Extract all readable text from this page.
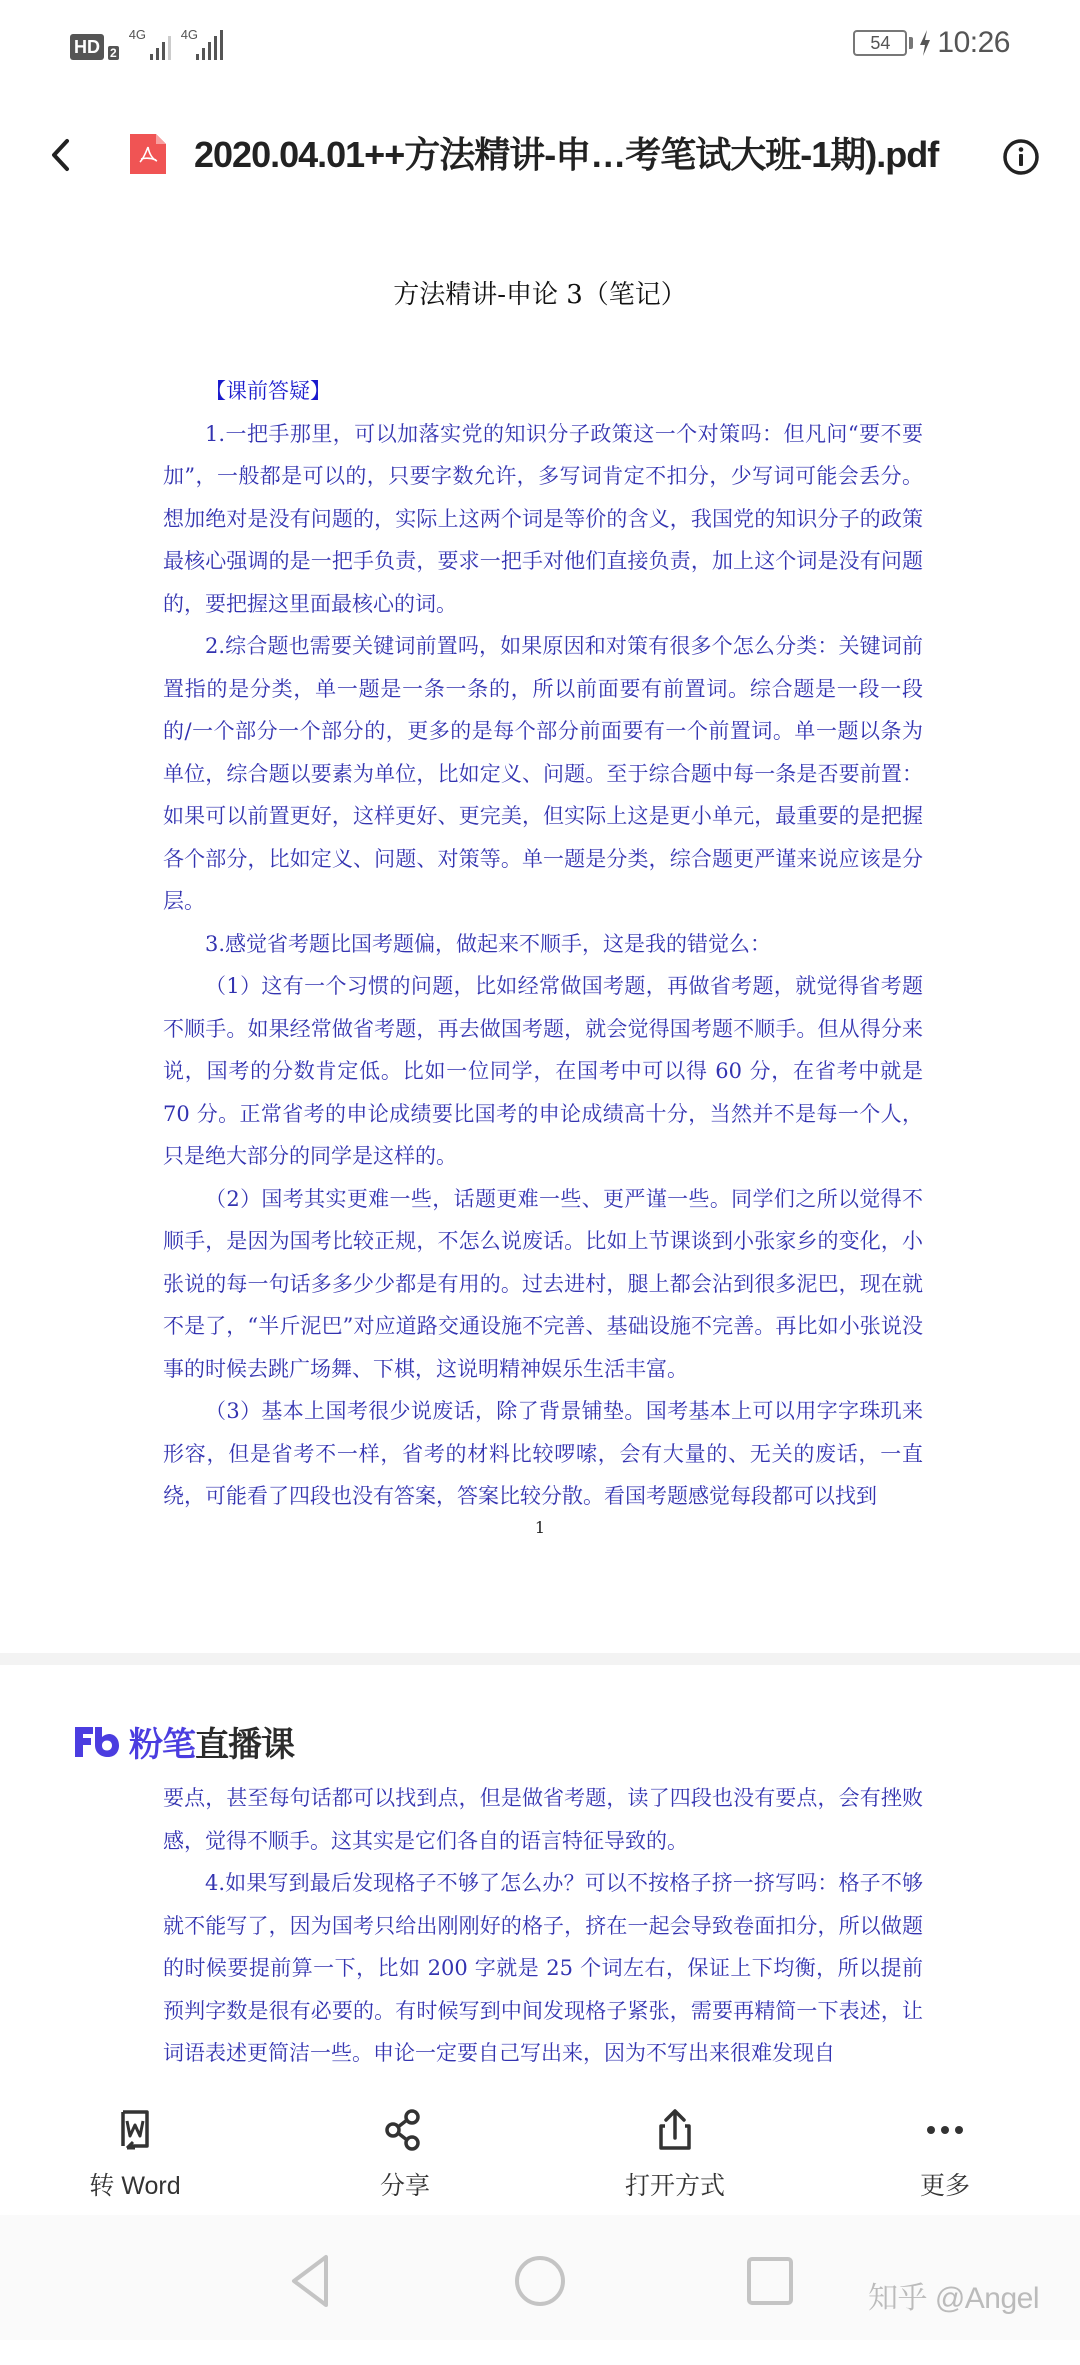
HD 2
4G	4G	54	10:26
2020.04.01++方法精讲-申…考笔试大班-1期).pdf
方法精讲-申论 3（笔记）

【课前答疑】

1.一把手那里，可以加落实党的知识分子政策这一个对策吗：但凡问“要不要加”，一般都是可以的，只要字数允许，多写词肯定不扣分，少写词可能会丢分。想加绝对是没有问题的，实际上这两个词是等价的含义，我国党的知识分子的政策最核心强调的是一把手负责，要求一把手对他们直接负责，加上这个词是没有问题的，要把握这里面最核心的词。

2.综合题也需要关键词前置吗，如果原因和对策有很多个怎么分类：关键词前置指的是分类，单一题是一条一条的，所以前面要有前置词。综合题是一段一段的/一个部分一个部分的，更多的是每个部分前面要有一个前置词。单一题以条为单位，综合题以要素为单位，比如定义、问题。至于综合题中每一条是否要前置：如果可以前置更好，这样更好、更完美，但实际上这是更小单元，最重要的是把握各个部分，比如定义、问题、对策等。单一题是分类，综合题更严谨来说应该是分层。

3.感觉省考题比国考题偏，做起来不顺手，这是我的错觉么：

（1）这有一个习惯的问题，比如经常做国考题，再做省考题，就觉得省考题不顺手。如果经常做省考题，再去做国考题，就会觉得国考题不顺手。但从得分来说，国考的分数肯定低。比如一位同学，在国考中可以得 60 分，在省考中就是 70 分。正常省考的申论成绩要比国考的申论成绩高十分，当然并不是每一个人，只是绝大部分的同学是这样的。

（2）国考其实更难一些，话题更难一些、更严谨一些。同学们之所以觉得不顺手，是因为国考比较正规，不怎么说废话。比如上节课谈到小张家乡的变化，小张说的每一句话多多少少都是有用的。过去进村，腿上都会沾到很多泥巴，现在就不是了，“半斤泥巴”对应道路交通设施不完善、基础设施不完善。再比如小张说没事的时候去跳广场舞、下棋，这说明精神娱乐生活丰富。

（3）基本上国考很少说废话，除了背景铺垫。国考基本上可以用字字珠玑来形容，但是省考不一样，省考的材料比较啰嗦，会有大量的、无关的废话，一直绕，可能看了四段也没有答案，答案比较分散。看国考题感觉每段都可以找到

1
粉笔 直播课

要点，甚至每句话都可以找到点，但是做省考题，读了四段也没有要点，会有挫败感，觉得不顺手。这其实是它们各自的语言特征导致的。

4.如果写到最后发现格子不够了怎么办？可以不按格子挤一挤写吗：格子不够就不能写了，因为国考只给出刚刚好的格子，挤在一起会导致卷面扣分，所以做题的时候要提前算一下，比如 200 字就是 25 个词左右，保证上下均衡，所以提前预判字数是很有必要的。有时候写到中间发现格子紧张，需要再精简一下表述，让词语表述更简洁一些。申论一定要自己写出来，因为不写出来很难发现自

转 Word	分享	打开方式	更多
知乎 @Angel
